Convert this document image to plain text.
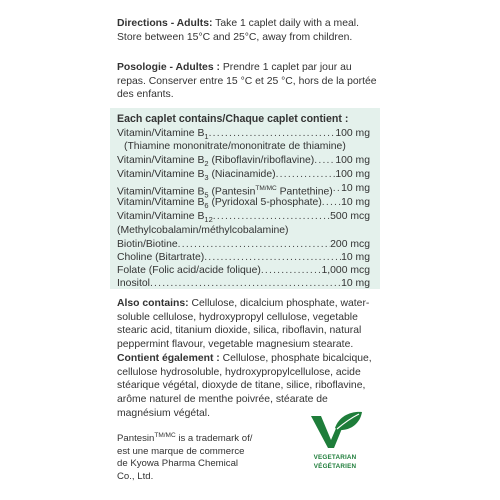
Directions - Adults: Take 1 caplet daily with a meal. Store between 15°C and 25°C, away from children.

Posologie - Adultes : Prendre 1 caplet par jour au repas. Conserver entre 15 °C et 25 °C, hors de la portée des enfants.

Each caplet contains/Chaque caplet contient :
Vitamin/Vitamine $B_1$ .....	100 mg
(Thiamine mononitrate/mononitrate de thiamine)
Vitamin/Vitamine $B_2$ (Riboflavin/riboflavine) ..... 100 mg
Vitamin/Vitamine $B_3$ (Niacinamide) .....	100 mg
Vitamin/Vitamine $B_5$ (Pantesin$^{TM/MC}$ Pantethine) ..... 10 mg
Vitamin/Vitamine $B_6$ (Pyridoxal 5-phosphate) ..... 10 mg
Vitamin/Vitamine $B_{12}$ .....	500 mcg
(Methylcobalamin/méthylcobalamine)
Biotin/Biotine .....	200 mcg
Choline (Bitartrate) .....	10 mg
Folate (Folic acid/acide folique) .....	1,000 mcg
Inositol .....	10 mg

Also contains: Cellulose, dicalcium phosphate, water-soluble cellulose, hydroxypropyl cellulose, vegetable stearic acid, titanium dioxide, silica, riboflavin, natural peppermint flavour, vegetable magnesium stearate.

Contient également : Cellulose, phosphate bicalcique, cellulose hydrosoluble, hydroxypropylcellulose, acide stéarique végétal, dioxyde de titane, silice, riboflavine, arôme naturel de menthe poivrée, stéarate de magnésium végétal.

Pantesin$^{TM/MC}$ is a trademark of/ est une marque de commerce de Kyowa Pharma Chemical Co., Ltd.
VEGETARIAN
VÉGÉTARIEN
